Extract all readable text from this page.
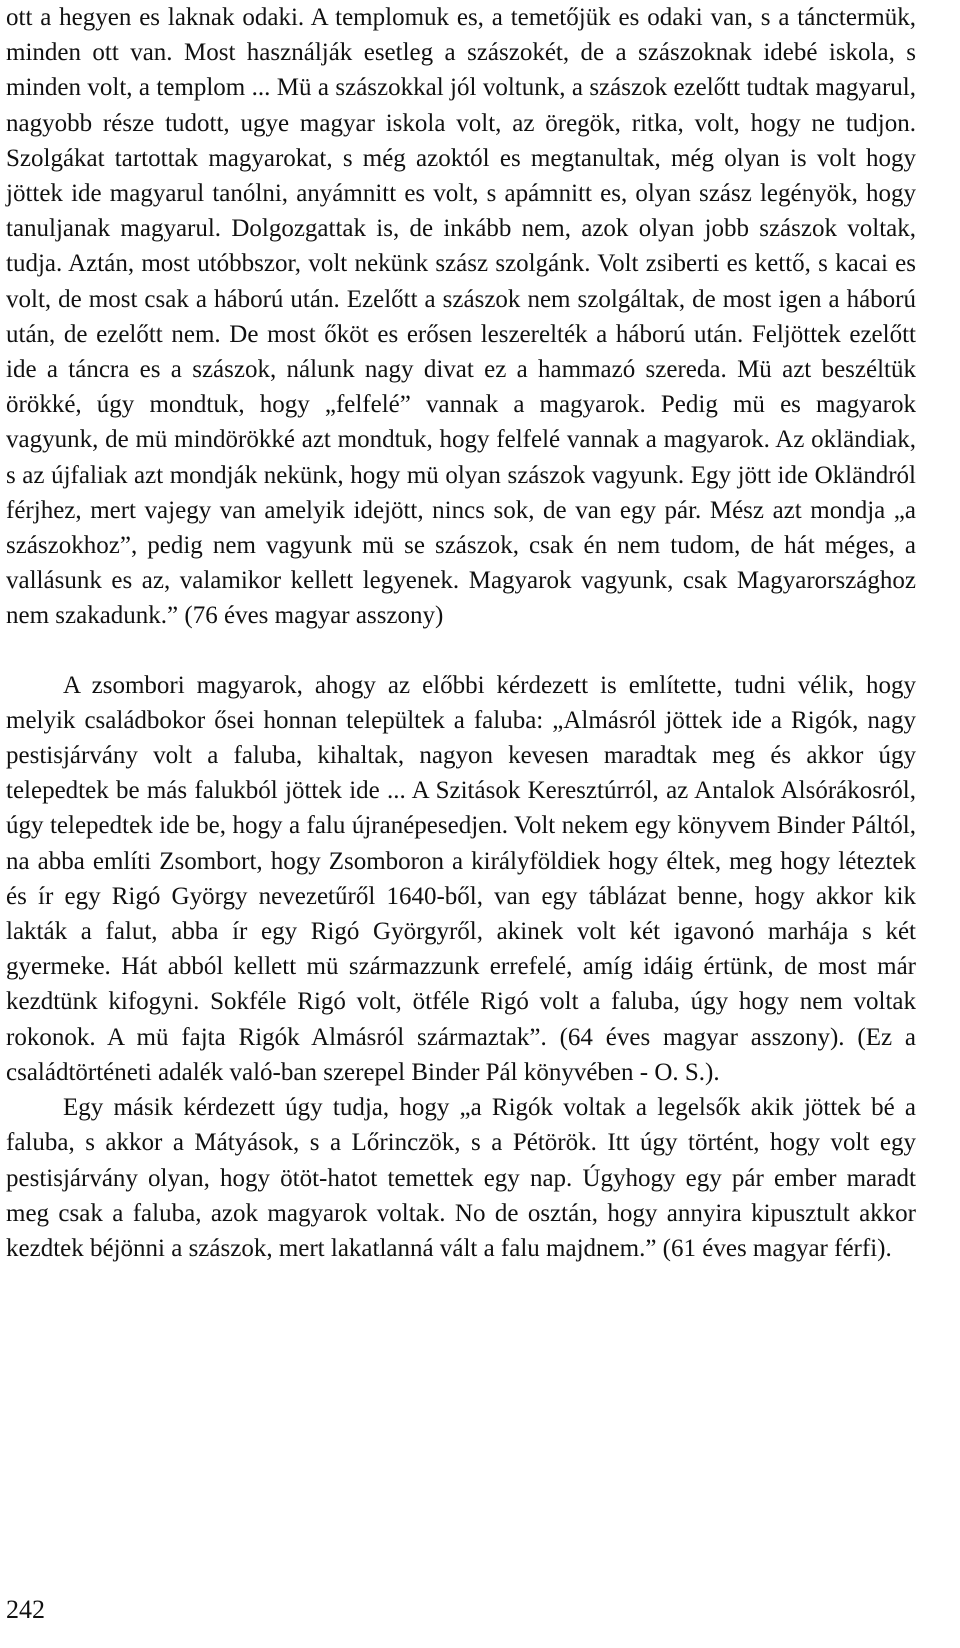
ott a hegyen es laknak odaki. A templomuk es, a temetőjük es odaki van, s a tánctermük, minden ott van. Most használják esetleg a szászokét, de a szászoknak idebé iskola, s minden volt, a templom ... Mü a szászokkal jól voltunk, a szászok ezelőtt tudtak magyarul, nagyobb része tudott, ugye magyar iskola volt, az öregök, ritka, volt, hogy ne tudjon. Szolgákat tartottak magyarokat, s még azoktól es megtanultak, még olyan is volt hogy jöttek ide magyarul tanólni, anyámnitt es volt, s apámnitt es, olyan szász legényök, hogy tanuljanak magyarul. Dolgozgattak is, de inkább nem, azok olyan jobb szászok voltak, tudja. Aztán, most utóbbszor, volt nekünk szász szolgánk. Volt zsiberti es kettő, s kacai es volt, de most csak a háború után. Ezelőtt a szászok nem szolgáltak, de most igen a háború után, de ezelőtt nem. De most őköt es erősen leszerelték a háború után. Feljöttek ezelőtt ide a táncra es a szászok, nálunk nagy divat ez a hammazó szereda. Mü azt beszéltük örökké, úgy mondtuk, hogy „felfelé” vannak a magyarok. Pedig mü es magyarok vagyunk, de mü mindörökké azt mondtuk, hogy felfelé vannak a magyarok. Az okländiak, s az újfaliak azt mondják nekünk, hogy mü olyan szászok vagyunk. Egy jött ide Okländról férjhez, mert vajegy van amelyik idejött, nincs sok, de van egy pár. Mész azt mondja „a szászokhoz”, pedig nem vagyunk mü se szászok, csak én nem tudom, de hát méges, a vallásunk es az, valamikor kellett legyenek. Magyarok vagyunk, csak Magyarországhoz nem szakadunk.” (76 éves magyar asszony)

A zsombori magyarok, ahogy az előbbi kérdezett is említette, tudni vélik, hogy melyik családbokor ősei honnan települtek a faluba: „Almásról jöttek ide a Rigók, nagy pestisjárvány volt a faluba, kihaltak, nagyon kevesen maradtak meg és akkor úgy telepedtek be más falukból jöttek ide ... A Szitások Keresztúrról, az Antalok Alsórákosról, úgy telepedtek ide be, hogy a falu újranépesedjen. Volt nekem egy könyvem Binder Páltól, na abba említi Zsombort, hogy Zsomboron a királyföldiek hogy éltek, meg hogy léteztek és ír egy Rigó György nevezetűről 1640-ből, van egy táblázat benne, hogy akkor kik lakták a falut, abba ír egy Rigó Györgyről, akinek volt két igavonó marhája s két gyermeke. Hát abból kellett mü származzunk errefelé, amíg idáig értünk, de most már kezdtünk kifogyni. Sokféle Rigó volt, ötféle Rigó volt a faluba, úgy hogy nem voltak rokonok. A mü fajta Rigók Almásról származtak”. (64 éves magyar asszony). (Ez a családtörténeti adalék való-ban szerepel Binder Pál könyvében - O. S.).

Egy másik kérdezett úgy tudja, hogy „a Rigók voltak a legelsők akik jöttek bé a faluba, s akkor a Mátyások, s a Lőrinczök, s a Pétörök. Itt úgy történt, hogy volt egy pestisjárvány olyan, hogy ötöt-hatot temettek egy nap. Úgyhogy egy pár ember maradt meg csak a faluba, azok magyarok voltak. No de osztán, hogy annyira kipusztult akkor kezdtek béjönni a szászok, mert lakatlanná vált a falu majdnem.” (61 éves magyar férfi).

242
